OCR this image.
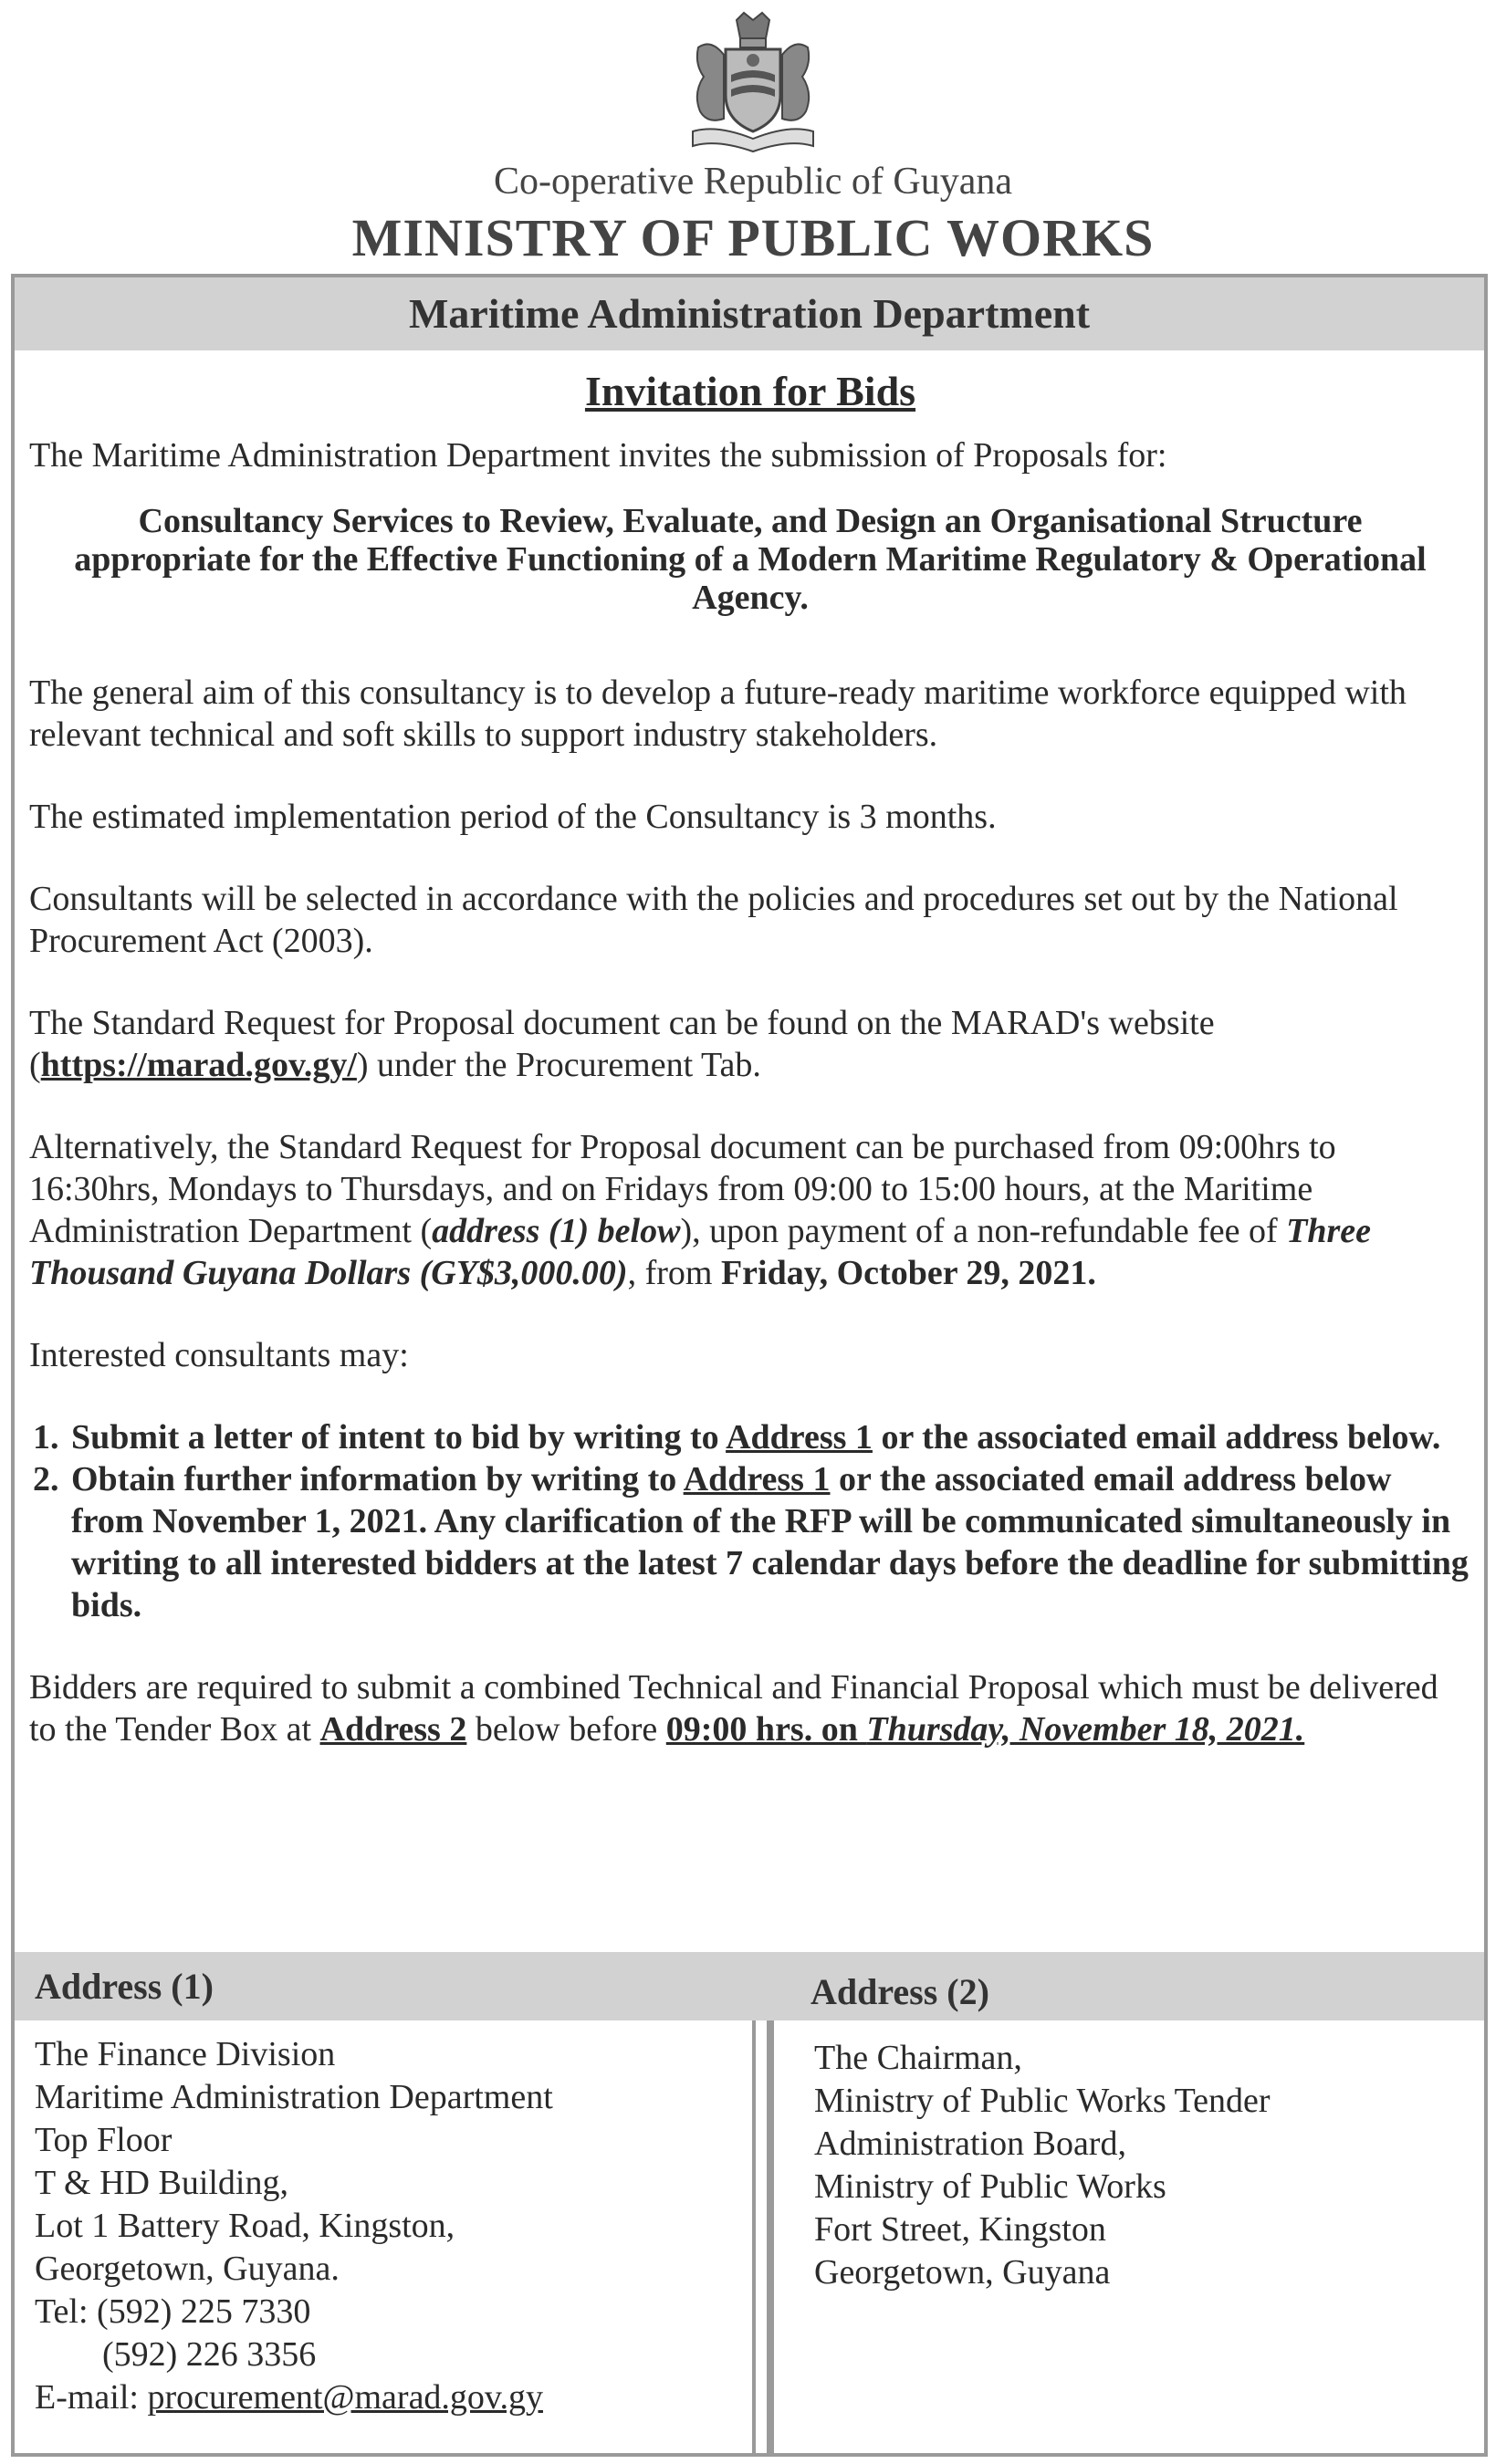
Co-operative Republic of Guyana
MINISTRY OF PUBLIC WORKS
Maritime Administration Department
Invitation for Bids

The Maritime Administration Department invites the submission of Proposals for:

Consultancy Services to Review, Evaluate, and Design an Organisational Structure appropriate for the Effective Functioning of a Modern Maritime Regulatory & Operational Agency.

The general aim of this consultancy is to develop a future-ready maritime workforce equipped with relevant technical and soft skills to support industry stakeholders.

The estimated implementation period of the Consultancy is 3 months.

Consultants will be selected in accordance with the policies and procedures set out by the National Procurement Act (2003).

The Standard Request for Proposal document can be found on the MARAD's website (https://marad.gov.gy/) under the Procurement Tab.

Alternatively, the Standard Request for Proposal document can be purchased from 09:00hrs to 16:30hrs, Mondays to Thursdays, and on Fridays from 09:00 to 15:00 hours, at the Maritime Administration Department (address (1) below), upon payment of a non-refundable fee of Three Thousand Guyana Dollars (GY$3,000.00), from Friday, October 29, 2021.

Interested consultants may:

1. Submit a letter of intent to bid by writing to Address 1 or the associated email address below.
2. Obtain further information by writing to Address 1 or the associated email address below from November 1, 2021. Any clarification of the RFP will be communicated simultaneously in writing to all interested bidders at the latest 7 calendar days before the deadline for submitting bids.

Bidders are required to submit a combined Technical and Financial Proposal which must be delivered to the Tender Box at Address 2 below before 09:00 hrs. on Thursday, November 18, 2021.

Address (1)	Address (2)
The Finance Division
Maritime Administration Department
Top Floor
T & HD Building,
Lot 1 Battery Road, Kingston,
Georgetown, Guyana.
Tel: (592) 225 7330
(592) 226 3356
E-mail: procurement@marad.gov.gy
The Chairman,
Ministry of Public Works Tender
Administration Board,
Ministry of Public Works
Fort Street, Kingston
Georgetown, Guyana
